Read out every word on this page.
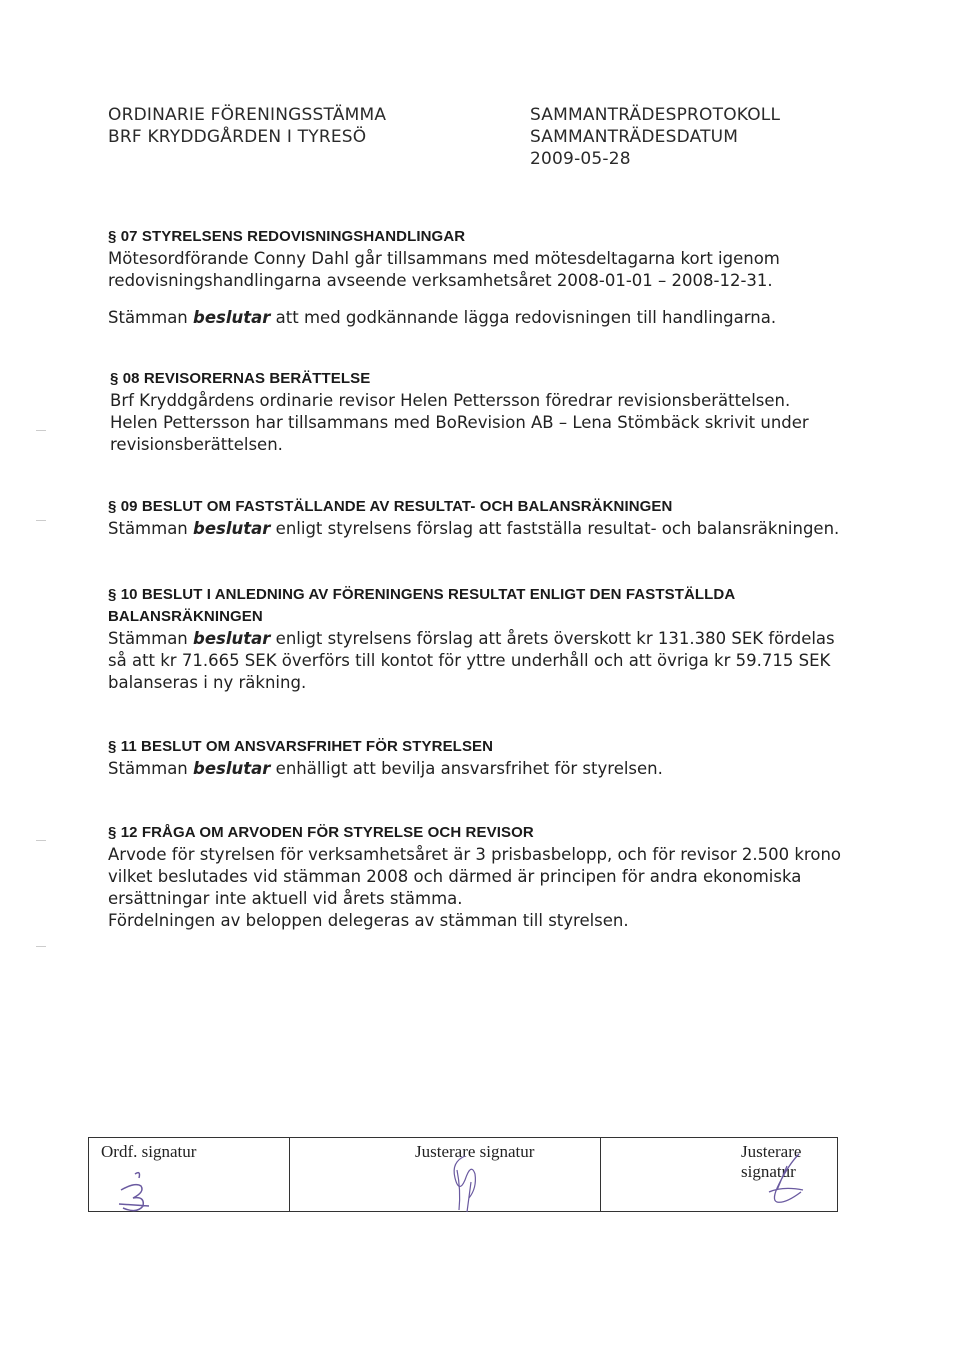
ORDINARIE FÖRENINGSSTÄMMA
BRF KRYDDGÅRDEN I TYRESÖ
SAMMANTRÄDESPROTOKOLL
SAMMANTRÄDESDATUM
2009-05-28
§ 07 STYRELSENS REDOVISNINGSHANDLINGAR

Mötesordförande Conny Dahl går tillsammans med mötesdeltagarna kort igenom redovisningshandlingarna avseende verksamhetsåret 2008-01-01 – 2008-12-31.

Stämman beslutar att med godkännande lägga redovisningen till handlingarna.

§ 08 REVISORERNAS BERÄTTELSE

Brf Kryddgårdens ordinarie revisor Helen Pettersson föredrar revisionsberättelsen.

Helen Pettersson har tillsammans med BoRevision AB – Lena Stömbäck skrivit under revisionsberättelsen.

§ 09 BESLUT OM FASTSTÄLLANDE AV RESULTAT- OCH BALANSRÄKNINGEN

Stämman beslutar enligt styrelsens förslag att fastställa resultat- och balansräkningen.

§ 10 BESLUT I ANLEDNING AV FÖRENINGENS RESULTAT ENLIGT DEN FASTSTÄLLDA BALANSRÄKNINGEN

Stämman beslutar enligt styrelsens förslag att årets överskott kr 131.380 SEK fördelas så att kr 71.665 SEK överförs till kontot för yttre underhåll och att övriga kr 59.715 SEK balanseras i ny räkning.

§ 11 BESLUT OM ANSVARSFRIHET FÖR STYRELSEN

Stämman beslutar enhälligt att bevilja ansvarsfrihet för styrelsen.

§ 12 FRÅGA OM ARVODEN FÖR STYRELSE OCH REVISOR

Arvode för styrelsen för verksamhetsåret är 3 prisbasbelopp, och för revisor 2.500 krono vilket beslutades vid stämman 2008 och därmed är principen för andra ekonomiska ersättningar inte aktuell vid årets stämma.

Fördelningen av beloppen delegeras av stämman till styrelsen.

Ordf. signatur	Justerare signatur	Justerare signatur
